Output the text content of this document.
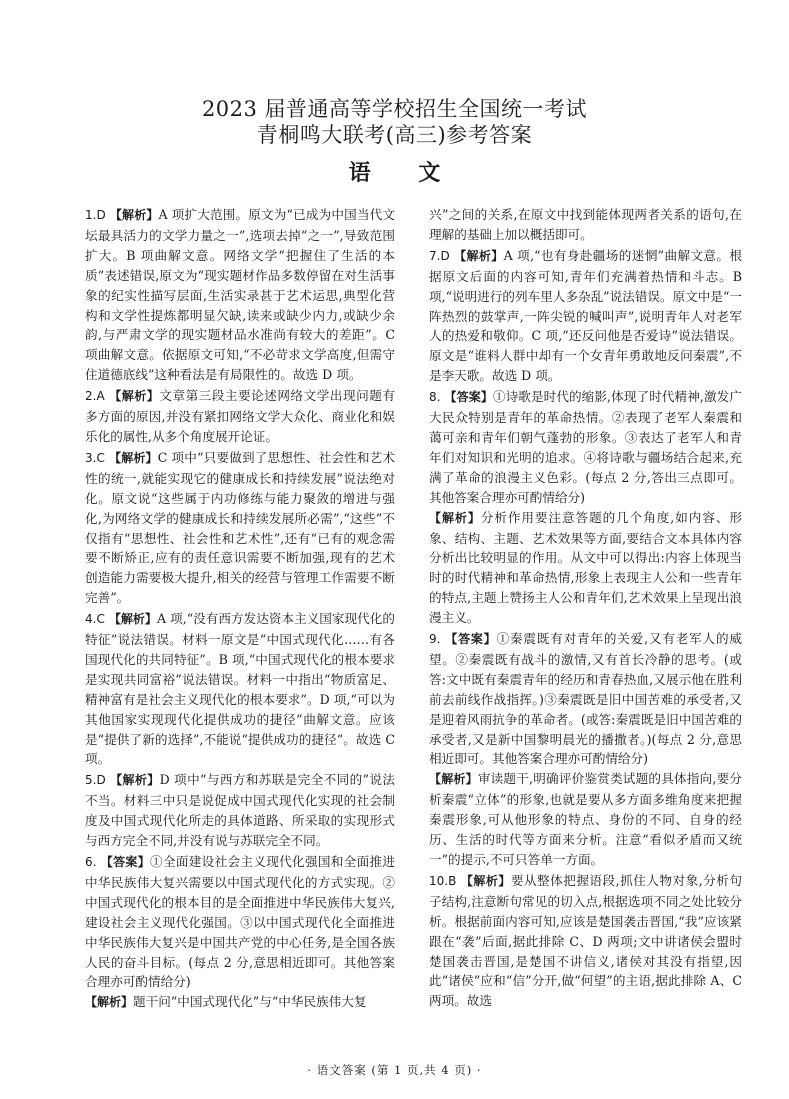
2023 届普通高等学校招生全国统一考试
青桐鸣大联考(高三)参考答案
语 文

1.D 【解析】A 项扩大范围。原文为“已成为中国当代文坛最具活力的文学力量之一”,选项去掉“之一”,导致范围扩大。B 项曲解文意。网络文学“把握住了生活的本质”表述错误,原文为“现实题材作品多数停留在对生活事象的纪实性描写层面,生活实录甚于艺术运思,典型化营构和文学性提炼都明显欠缺,读来或缺少内力,或缺少余韵,与严肃文学的现实题材品水准尚有较大的差距”。C 项曲解文意。依据原文可知,“不必苛求文学高度,但需守住道德底线”这种看法是有局限性的。故选 D 项。

2.A 【解析】文章第三段主要论述网络文学出现问题有多方面的原因,并没有紧扣网络文学大众化、商业化和娱乐化的属性,从多个角度展开论证。

3.C 【解析】C 项中“只要做到了思想性、社会性和艺术性的统一,就能实现它的健康成长和持续发展”说法绝对化。原文说“这些属于内功修练与能力聚敛的增进与强化,为网络文学的健康成长和持续发展所必需”,“这些”不仅指有“思想性、社会性和艺术性”,还有“已有的观念需要不断矫正,应有的责任意识需要不断加强,现有的艺术创造能力需要极大提升,相关的经营与管理工作需要不断完善”。

4.C 【解析】A 项,“没有西方发达资本主义国家现代化的特征”说法错误。材料一原文是“中国式现代化……有各国现代化的共同特征”。B 项,“中国式现代化的根本要求是实现共同富裕”说法错误。材料一中指出“物质富足、精神富有是社会主义现代化的根本要求”。D 项,“可以为其他国家实现现代化提供成功的捷径”曲解文意。应该是“提供了新的选择”,不能说“提供成功的捷径”。故选 C 项。

5.D 【解析】D 项中“与西方和苏联是完全不同的”说法不当。材料三中只是说促成中国式现代化实现的社会制度及中国式现代化所走的具体道路、所采取的实现形式与西方完全不同,并没有说与苏联完全不同。

6. 【答案】①全面建设社会主义现代化强国和全面推进中华民族伟大复兴需要以中国式现代化的方式实现。②中国式现代化的根本目的是全面推进中华民族伟大复兴,建设社会主义现代化强国。③以中国式现代化全面推进中华民族伟大复兴是中国共产党的中心任务,是全国各族人民的奋斗目标。(每点 2 分,意思相近即可。其他答案合理亦可酌情给分)

【解析】题干问“中国式现代化”与“中华民族伟大复

兴”之间的关系,在原文中找到能体现两者关系的语句,在理解的基础上加以概括即可。

7.D 【解析】A 项,“也有身赴疆场的迷惘”曲解文意。根据原文后面的内容可知,青年们充满着热情和斗志。B 项,“说明进行的列车里人多杂乱”说法错误。原文中是“一阵热烈的鼓掌声,一阵尖锐的喊叫声”,说明青年人对老军人的热爱和敬仰。C 项,“还反问他是否爱诗”说法错误。原文是“谁料人群中却有一个女青年勇敢地反问秦震”,不是李天歌。故选 D 项。

8. 【答案】①诗歌是时代的缩影,体现了时代精神,激发广大民众特别是青年的革命热情。②表现了老军人秦震和蔼可亲和青年们朝气蓬勃的形象。③表达了老军人和青年们对知识和光明的追求。④将诗歌与疆场结合起来,充满了革命的浪漫主义色彩。(每点 2 分,答出三点即可。其他答案合理亦可酌情给分)

【解析】分析作用要注意答题的几个角度,如内容、形象、结构、主题、艺术效果等方面,要结合文本具体内容分析出比较明显的作用。从文中可以得出:内容上体现当时的时代精神和革命热情,形象上表现主人公和一些青年的特点,主题上赞扬主人公和青年们,艺术效果上呈现出浪漫主义。

9. 【答案】①秦震既有对青年的关爱,又有老军人的威望。②秦震既有战斗的激情,又有首长冷静的思考。(或答:文中既有秦震青年的经历和青春热血,又展示他在胜利前去前线作战指挥。)③秦震既是旧中国苦难的承受者,又是迎着风雨抗争的革命者。(或答:秦震既是旧中国苦难的承受者,又是新中国黎明晨光的播撒者。)(每点 2 分,意思相近即可。其他答案合理亦可酌情给分)

【解析】审读题干,明确评价鉴赏类试题的具体指向,要分析秦震“立体”的形象,也就是要从多方面多维角度来把握秦震形象,可从他形象的特点、身份的不同、自身的经历、生活的时代等方面来分析。注意“看似矛盾而又统一”的提示,不可只答单一方面。

10.B 【解析】要从整体把握语段,抓住人物对象,分析句子结构,注意断句常见的切入点,根据选项不同之处比较分析。根据前面内容可知,应该是楚国袭击晋国,“我”应该紧跟在“袭”后面,据此排除 C、D 两项;文中讲诸侯会盟时楚国袭击晋国,是楚国不讲信义,诸侯对其没有指望,因此“诸侯”应和“信”分开,做“何望”的主语,据此排除 A、C 两项。故选

· 语文答案 (第 1 页,共 4 页) ·
